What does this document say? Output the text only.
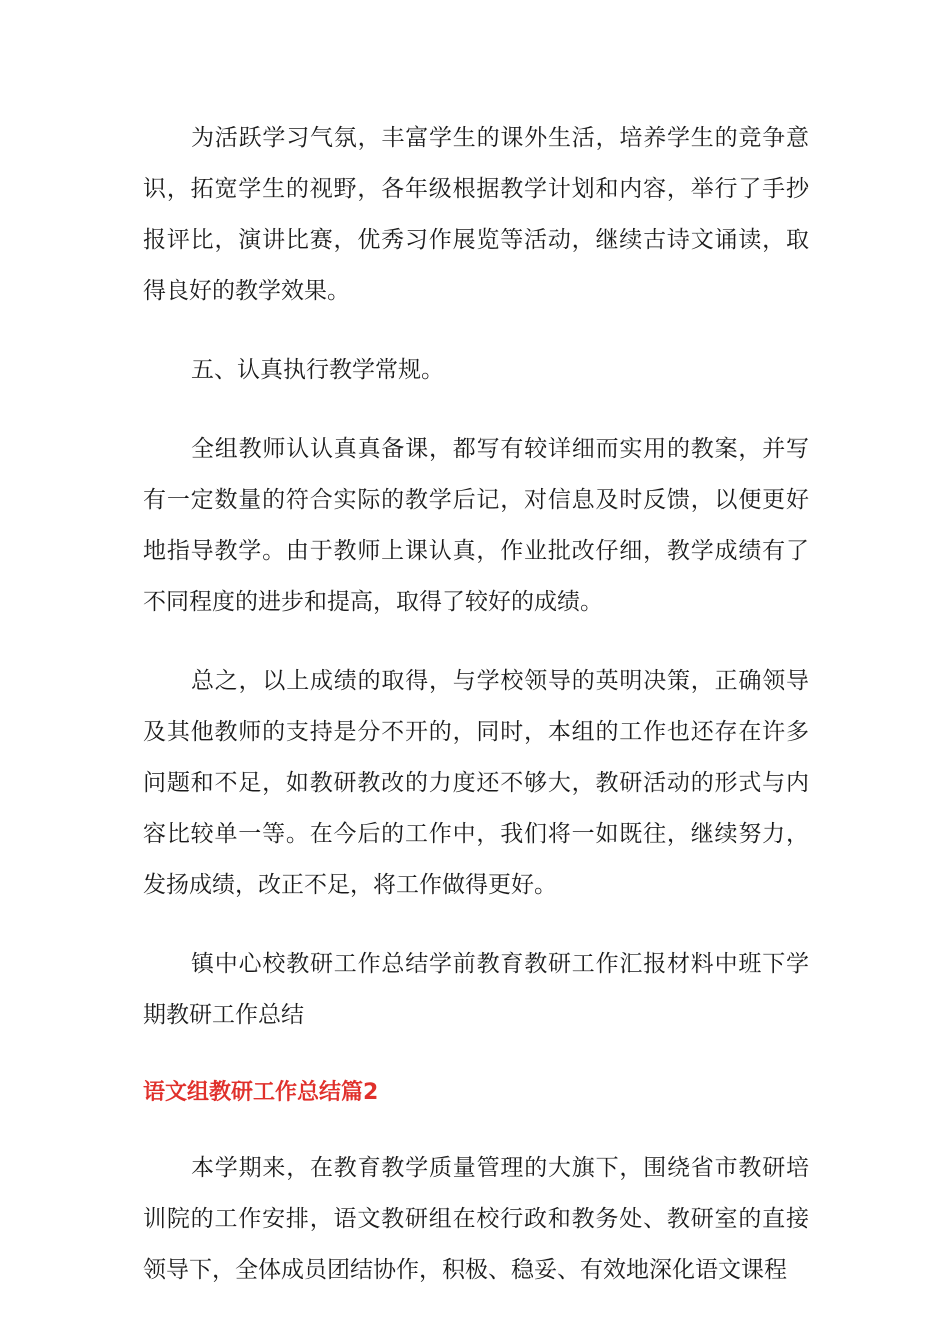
为活跃学习气氛，丰富学生的课外生活，培养学生的竞争意识，拓宽学生的视野，各年级根据教学计划和内容，举行了手抄报评比，演讲比赛，优秀习作展览等活动，继续古诗文诵读，取得良好的教学效果。

五、认真执行教学常规。

全组教师认认真真备课，都写有较详细而实用的教案，并写有一定数量的符合实际的教学后记，对信息及时反馈，以便更好地指导教学。由于教师上课认真，作业批改仔细，教学成绩有了不同程度的进步和提高，取得了较好的成绩。

总之，以上成绩的取得，与学校领导的英明决策，正确领导及其他教师的支持是分不开的，同时，本组的工作也还存在许多问题和不足，如教研教改的力度还不够大，教研活动的形式与内容比较单一等。在今后的工作中，我们将一如既往，继续努力，发扬成绩，改正不足，将工作做得更好。

镇中心校教研工作总结学前教育教研工作汇报材料中班下学期教研工作总结

语文组教研工作总结篇2

本学期来，在教育教学质量管理的大旗下，围绕省市教研培训院的工作安排，语文教研组在校行政和教务处、教研室的直接领导下，全体成员团结协作，积极、稳妥、有效地深化语文课程
